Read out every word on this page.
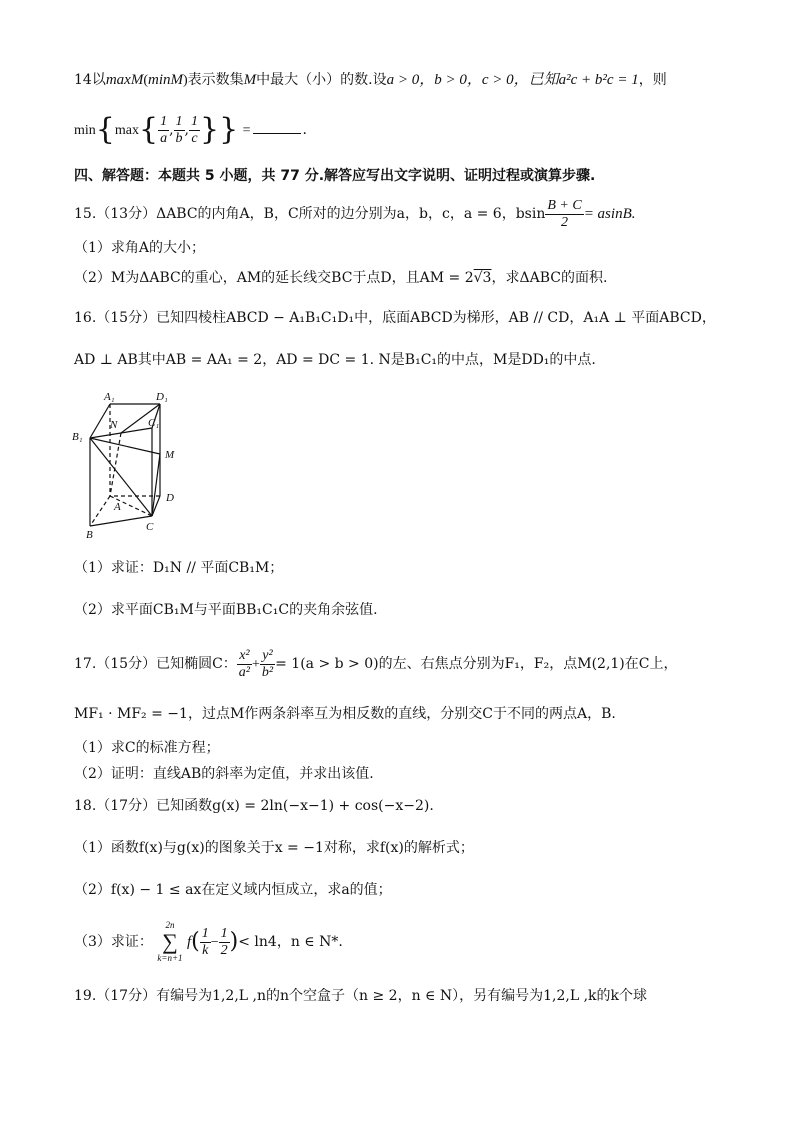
14以maxM(minM)表示数集M中最大（小）的数.设a > 0，b > 0，c > 0，已知a²c + b²c = 1，则
$\min\{\max\{ \frac{1}{a}$ , $\frac{1}{b}$ , $\frac{1}{c}$ }} =	.
四、解答题：本题共 5 小题，共 77 分.解答应写出文字说明、证明过程或演算步骤.
15.（13分）ΔABC的内角A，B，C所对的边分别为a，b，c，a = 6，bsin $\frac{B + C}{2} = asinB$.
（1）求角A的大小；
（2）M为ΔABC的重心，AM的延长线交BC于点D，且AM = 2√3，求ΔABC的面积.
16.（15分）已知四棱柱ABCD − A₁B₁C₁D₁中，底面ABCD为梯形，AB // CD，A₁A ⊥ 平面ABCD，
AD ⊥ AB其中AB = AA₁ = 2，AD = DC = 1. N是B₁C₁的中点，M是DD₁的中点.
A₁	D₁
B₁
C₁
N
M
A
B
C
D
（1）求证：D₁N // 平面CB₁M；
（2）求平面CB₁M与平面BB₁C₁C的夹角余弦值.
17.（15分）已知椭圆C： $\frac{\text{x²}}{\text{a²}} + \frac{\text{y²}}{\text{b²}} = 1(a > b > 0)$的左、右焦点分别为F₁，F₂，点M(2,1)在C上，
MF₁ · MF₂ = −1，过点M作两条斜率互为相反数的直线，分别交C于不同的两点A，B.
（1）求C的标准方程；
（2）证明：直线AB的斜率为定值，并求出该值.
18.（17分）已知函数g(x) = 2ln(−x−1) + cos(−x−2).
（1）函数f(x)与g(x)的图象关于x = −1对称，求f(x)的解析式；
（2）f(x) − 1 ≤ ax在定义域内恒成立，求a的值；
（3）求证：
2n
∑
k=n+1
$f( \frac{1}{k} - \frac{1}{2}$ )< ln4，n ∈ N*.
19.（17分）有编号为1,2,L ,n的n个空盒子（n ≥ 2，n ∈ N），另有编号为1,2,L ,k的k个球
